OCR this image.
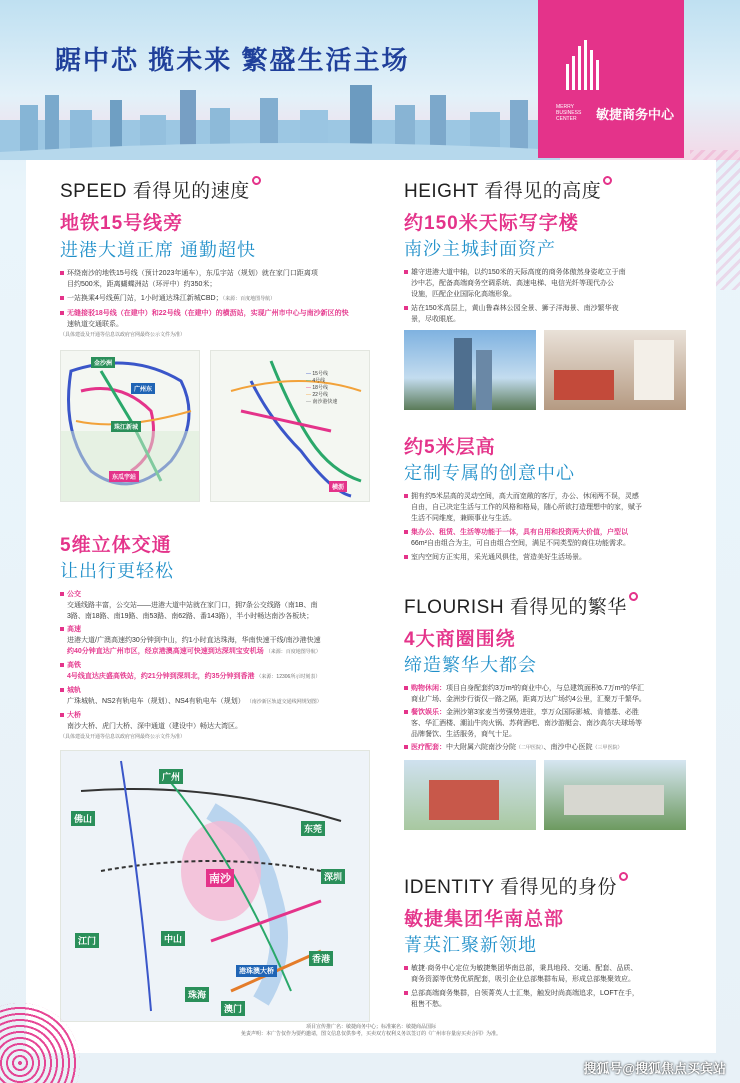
踞中芯 揽未来 繁盛生活主场
MERRY BUSINESS CENTER	敏捷商务中心
SPEED 看得见的速度
地铁15号线旁
进港大道正席 通勤超快
环绕南沙的地铁15号线（预计2023年通车），东瓜宇站（规划）就在家门口距离项
目约500米，距离蝴蝶洲站（环评中）约350米；
一站换乘4号线蕉门站，1小时通达珠江新城CBD；（来源：百度地图导航）
无缝接驳18号线（在建中）和22号线（在建中）的横沥站，实现广州市中心与南沙新区的快
速轨道交通联系。
（具体建设及开通等信息以政府官网最终公示文件为准）
金沙洲
广州东
珠江新城
东瓜宇站
— 15号线
— 4号线
— 18号线
— 22号线
— 南沙港快速
横沥
5维立体交通
让出行更轻松
公交
交通线路丰富，公交站——进港大道中站就在家门口，拥7条公交线路（南1B、南
3路、南18路、南19路、南53路、南62路、番143路），半小时畅达南沙各板块；
高速
进港大道/广澳高速约30分钟到中山，约1小时直达珠海，华南快速干线/南沙港快速
约40分钟直达广州市区，经京港澳高速可快速到达深圳宝安机场 （来源：百度地图导航）
高铁
4号线直达庆盛高铁站，约21分钟到深圳北，约35分钟到香港 （来源：12306所示时刻表）
城轨
广珠城轨、NS2有轨电车（规划）、NS4有轨电车（规划） （南沙新区轨道交通线网规划图）
大桥
南沙大桥、虎门大桥、深中通道（建设中）畅达大湾区。
（具体建设及开通等信息以政府官网最终公示文件为准）
广州
东莞
佛山
南沙	深圳
中山
江门
香港
珠海
澳门
港珠澳大桥
HEIGHT 看得见的高度
约150米天际写字楼
南沙主城封面资产
雄守进港大道中轴，以约150米的天际高度的商务体傲然身姿屹立于南
沙中芯，配备高端商务空调系统、高速电梯、电信光纤等现代办公
设施，匹配企业国际化高端形象。
站在150米高层上，黄山鲁森林公园全景、狮子洋海景、南沙繁华夜
景，尽收眼底。
约5米层高
定制专属的创意中心
拥有约5米层高的灵动空间，高大而宽敞的客厅，办公、休闲两不误，灵感
自由，自己决定生活与工作的风格和格局，随心所欲打造理想中的家，赋予
生活不同维度，兼顾事业与生活。
集办公、租赁、生活等功能于一体，具有自用和投资两大价值，户型以
66m²自由组合为主，可自由组合空间，满足不同类型的商住功能需求。
室内空间方正实用，采光通风俱佳，营造美好生活场景。
FLOURISH 看得见的繁华
4大商圈围绕
缔造繁华大都会
购物休闲：项目自身配套约3万m²的商业中心，与总建筑面积6.7万m²的华汇
商业广场、金洲步行街仅一路之隔，距离万达广场约4公里，汇聚万千繁华。
餐饮娱乐：金洲沙第3家麦当劳强势进驻，享万众国际影城、肯德基、必胜
客、华汇酒楼、潮汕牛肉火锅、苏荷酒吧、南沙游艇会、南沙高尔夫球场等
品牌餐饮、生活服务，商气十足。
医疗配套：中大附属六院南沙分院（二甲医院）、南沙中心医院（三甲医院）
IDENTITY 看得见的身份
敏捷集团华南总部
菁英汇聚新领地
敏捷·商务中心定位为敏捷集团华南总部，秉具地段、交通、配套、品质、
商务资源等优势优质配套，吸引企业总部集群布局，形成总部集聚效应。
总部高端商务集群，自领菁英人士汇集，触发时尚高端追求，LOFT在手，
租售不愁。
项目宣传推广名：敏捷商务中心；标准案名：敏捷商品国际
免责声明：本广告仅作为要约邀请，图文信息仅供参考，买卖双方权利义务以签订的《广州市存量房买卖合同》为准。
搜狐号@搜狐焦点买宾站
